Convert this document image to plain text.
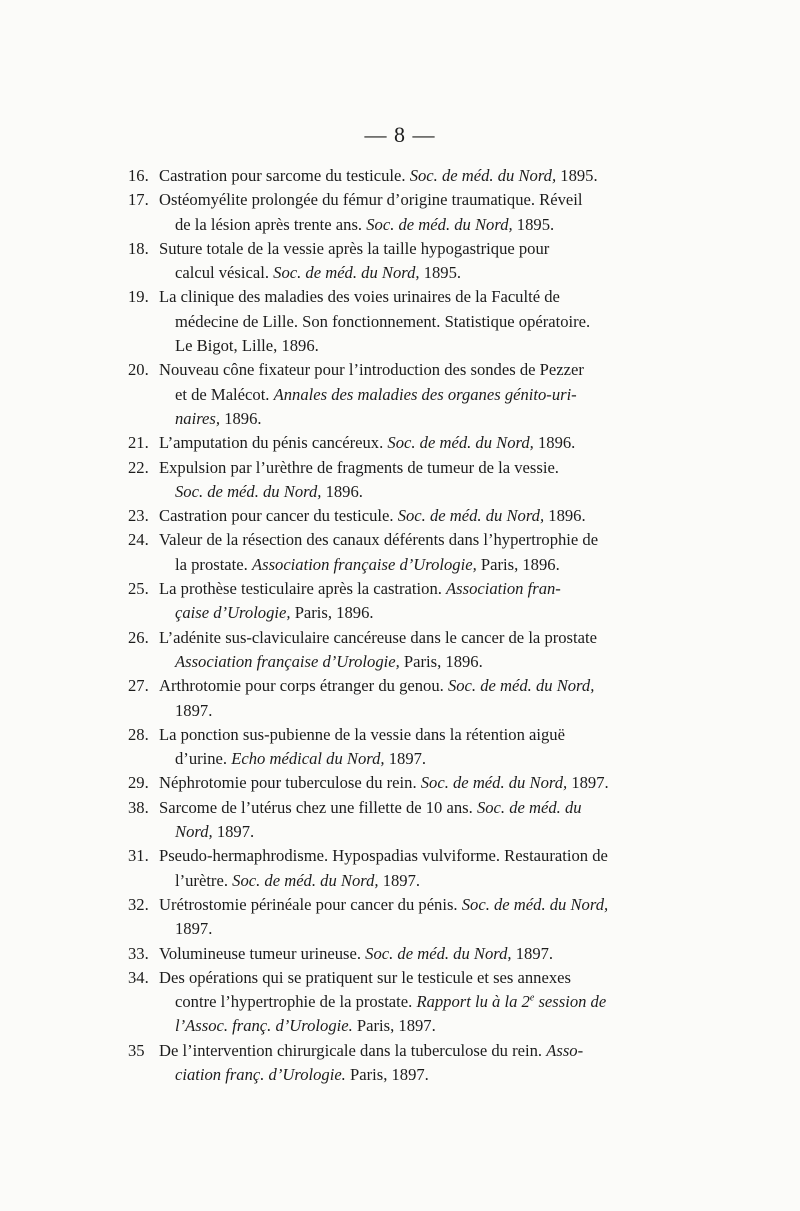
— 8 —

16. Castration pour sarcome du testicule. Soc. de méd. du Nord, 1895.

17. Ostéomyélite prolongée du fémur d’origine traumatique. Réveil
de la lésion après trente ans. Soc. de méd. du Nord, 1895.

18. Suture totale de la vessie après la taille hypogastrique pour
calcul vésical. Soc. de méd. du Nord, 1895.

19. La clinique des maladies des voies urinaires de la Faculté de
médecine de Lille. Son fonctionnement. Statistique opératoire.
Le Bigot, Lille, 1896.

20. Nouveau cône fixateur pour l’introduction des sondes de Pezzer
et de Malécot. Annales des maladies des organes génito-uri-
naires, 1896.

21. L’amputation du pénis cancéreux. Soc. de méd. du Nord, 1896.

22. Expulsion par l’urèthre de fragments de tumeur de la vessie.
Soc. de méd. du Nord, 1896.

23. Castration pour cancer du testicule. Soc. de méd. du Nord, 1896.

24. Valeur de la résection des canaux déférents dans l’hypertrophie de
la prostate. Association française d’Urologie, Paris, 1896.

25. La prothèse testiculaire après la castration. Association fran-
çaise d’Urologie, Paris, 1896.

26. L’adénite sus-claviculaire cancéreuse dans le cancer de la prostate
Association française d’Urologie, Paris, 1896.

27. Arthrotomie pour corps étranger du genou. Soc. de méd. du Nord,
1897.

28. La ponction sus-pubienne de la vessie dans la rétention aiguë
d’urine. Echo médical du Nord, 1897.

29. Néphrotomie pour tuberculose du rein. Soc. de méd. du Nord, 1897.

38. Sarcome de l’utérus chez une fillette de 10 ans. Soc. de méd. du
Nord, 1897.

31. Pseudo-hermaphrodisme. Hypospadias vulviforme. Restauration de
l’urètre. Soc. de méd. du Nord, 1897.

32. Urétrostomie périnéale pour cancer du pénis. Soc. de méd. du Nord,
1897.

33. Volumineuse tumeur urineuse. Soc. de méd. du Nord, 1897.

34. Des opérations qui se pratiquent sur le testicule et ses annexes
contre l’hypertrophie de la prostate. Rapport lu à la 2e session de
l’Assoc. franç. d’Urologie. Paris, 1897.

35 De l’intervention chirurgicale dans la tuberculose du rein. Asso-
ciation franç. d’Urologie. Paris, 1897.
